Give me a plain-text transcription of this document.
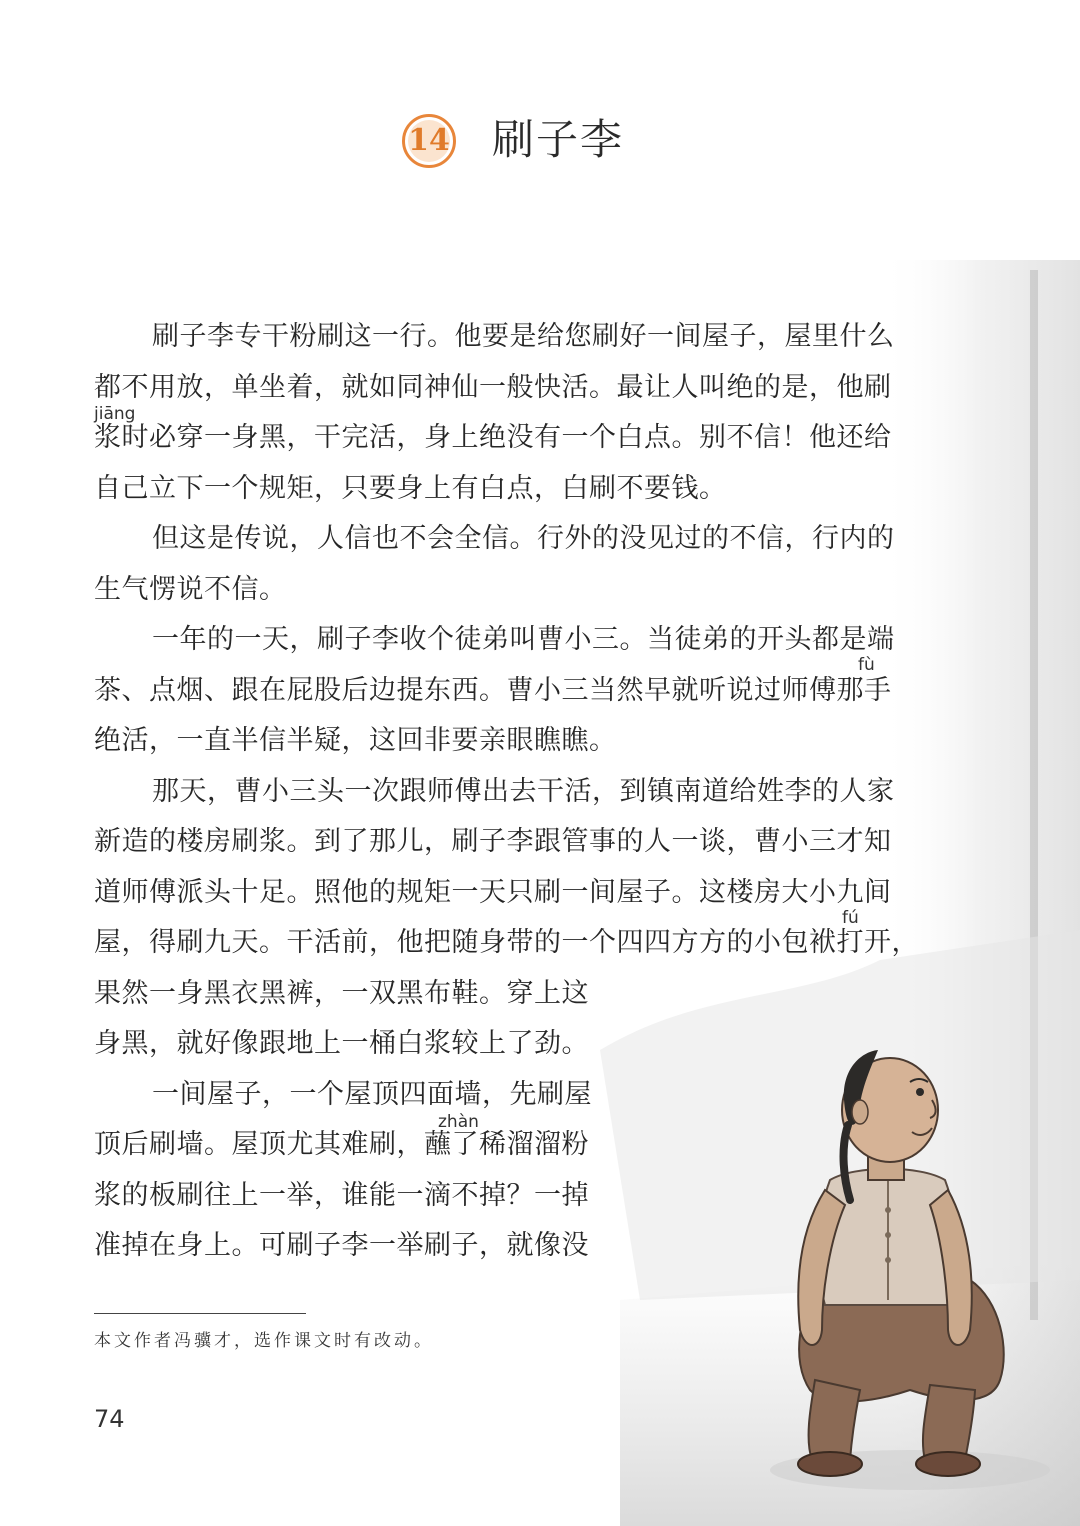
14 刷子李
jiāng
fù
fú
zhàn
刷子李专干粉刷这一行。他要是给您刷好一间屋子，屋里什么
都不用放，单坐着，就如同神仙一般快活。最让人叫绝的是，他刷
浆时必穿一身黑，干完活，身上绝没有一个白点。别不信！他还给
自己立下一个规矩，只要身上有白点，白刷不要钱。
但这是传说，人信也不会全信。行外的没见过的不信，行内的
生气愣说不信。
一年的一天，刷子李收个徒弟叫曹小三。当徒弟的开头都是端
茶、点烟、跟在屁股后边提东西。曹小三当然早就听说过师傅那手
绝活，一直半信半疑，这回非要亲眼瞧瞧。
那天，曹小三头一次跟师傅出去干活，到镇南道给姓李的人家
新造的楼房刷浆。到了那儿，刷子李跟管事的人一谈，曹小三才知
道师傅派头十足。照他的规矩一天只刷一间屋子。这楼房大小九间
屋，得刷九天。干活前，他把随身带的一个四四方方的小包袱打开，
果然一身黑衣黑裤，一双黑布鞋。穿上这
身黑，就好像跟地上一桶白浆较上了劲。
一间屋子，一个屋顶四面墙，先刷屋
顶后刷墙。屋顶尤其难刷，蘸了稀溜溜粉
浆的板刷往上一举，谁能一滴不掉？一掉
准掉在身上。可刷子李一举刷子，就像没
本文作者冯骥才，选作课文时有改动。
74
